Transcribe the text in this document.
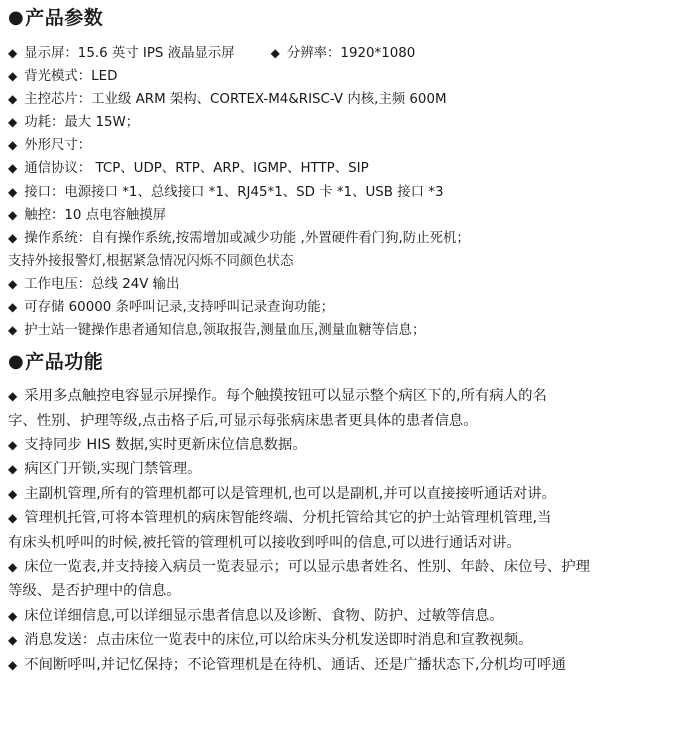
● 产品参数
◆ 显示屏：15.6 英寸 IPS 液晶显示屏	◆ 分辨率：1920*1080
◆ 背光模式：LED
◆ 主控芯片：工业级 ARM 架构、CORTEX-M4&RISC-V 内核,主频 600M
◆ 功耗：最大 15W；
◆ 外形尺寸：
◆ 通信协议： TCP、UDP、RTP、ARP、IGMP、HTTP、SIP
◆ 接口：电源接口 *1、总线接口 *1、RJ45*1、SD 卡 *1、USB 接口 *3
◆ 触控：10 点电容触摸屏
◆ 操作系统：自有操作系统,按需增加或减少功能 ,外置硬件看门狗,防止死机；
支持外接报警灯,根据紧急情况闪烁不同颜色状态
◆ 工作电压：总线 24V 输出
◆ 可存储 60000 条呼叫记录,支持呼叫记录查询功能；
◆ 护士站一键操作患者通知信息,领取报告,测量血压,测量血糖等信息；
● 产品功能
◆ 采用多点触控电容显示屏操作。每个触摸按钮可以显示整个病区下的,所有病人的名
字、性别、护理等级,点击格子后,可显示每张病床患者更具体的患者信息。
◆ 支持同步 HIS 数据,实时更新床位信息数据。
◆ 病区门开锁,实现门禁管理。
◆ 主副机管理,所有的管理机都可以是管理机,也可以是副机,并可以直接接听通话对讲。
◆ 管理机托管,可将本管理机的病床智能终端、分机托管给其它的护士站管理机管理,当
有床头机呼叫的时候,被托管的管理机可以接收到呼叫的信息,可以进行通话对讲。
◆ 床位一览表,并支持接入病员一览表显示；可以显示患者姓名、性别、年龄、床位号、护理
等级、是否护理中的信息。
◆ 床位详细信息,可以详细显示患者信息以及诊断、食物、防护、过敏等信息。
◆ 消息发送：点击床位一览表中的床位,可以给床头分机发送即时消息和宣教视频。
◆ 不间断呼叫,并记忆保持；不论管理机是在待机、通话、还是广播状态下,分机均可呼通
